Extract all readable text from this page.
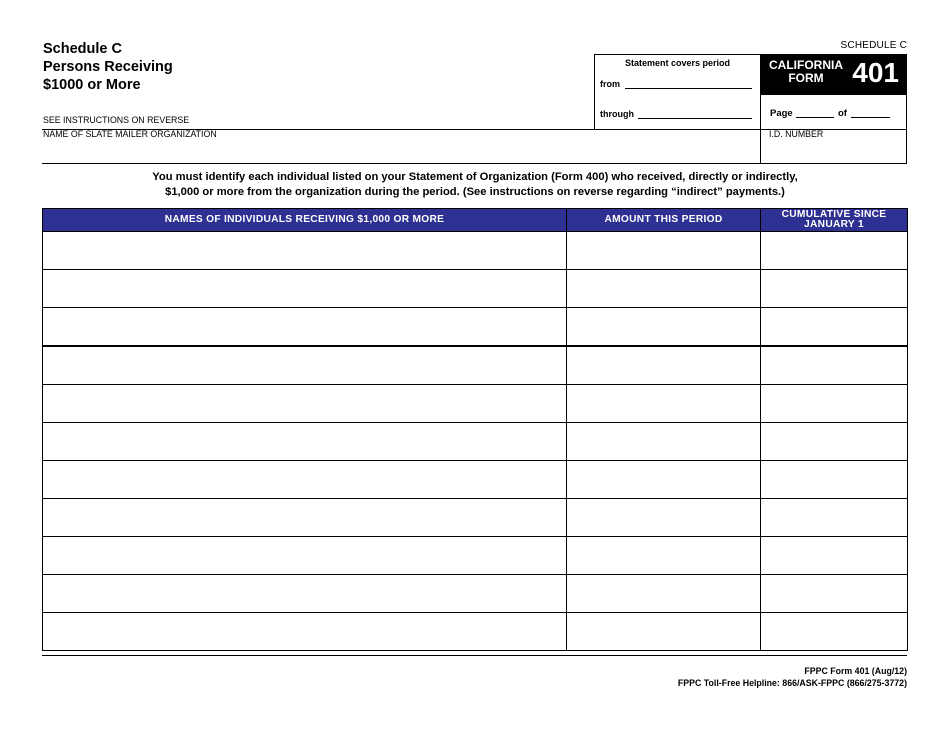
Schedule C
Persons Receiving
$1000 or More
SCHEDULE C
SEE INSTRUCTIONS ON REVERSE
Statement covers period
from
through
CALIFORNIA
FORM	401
Page	of
NAME OF SLATE MAILER ORGANIZATION	I.D. NUMBER
You must identify each individual listed on your Statement of Organization (Form 400) who received, directly or indirectly,
$1,000 or more from the organization during the period. (See instructions on reverse regarding “indirect” payments.)
NAMES OF INDIVIDUALS RECEIVING $1,000 OR MORE	AMOUNT THIS PERIOD	CUMULATIVE SINCE JANUARY 1

FPPC Form 401 (Aug/12)
FPPC Toll-Free Helpline: 866/ASK-FPPC (866/275-3772)
